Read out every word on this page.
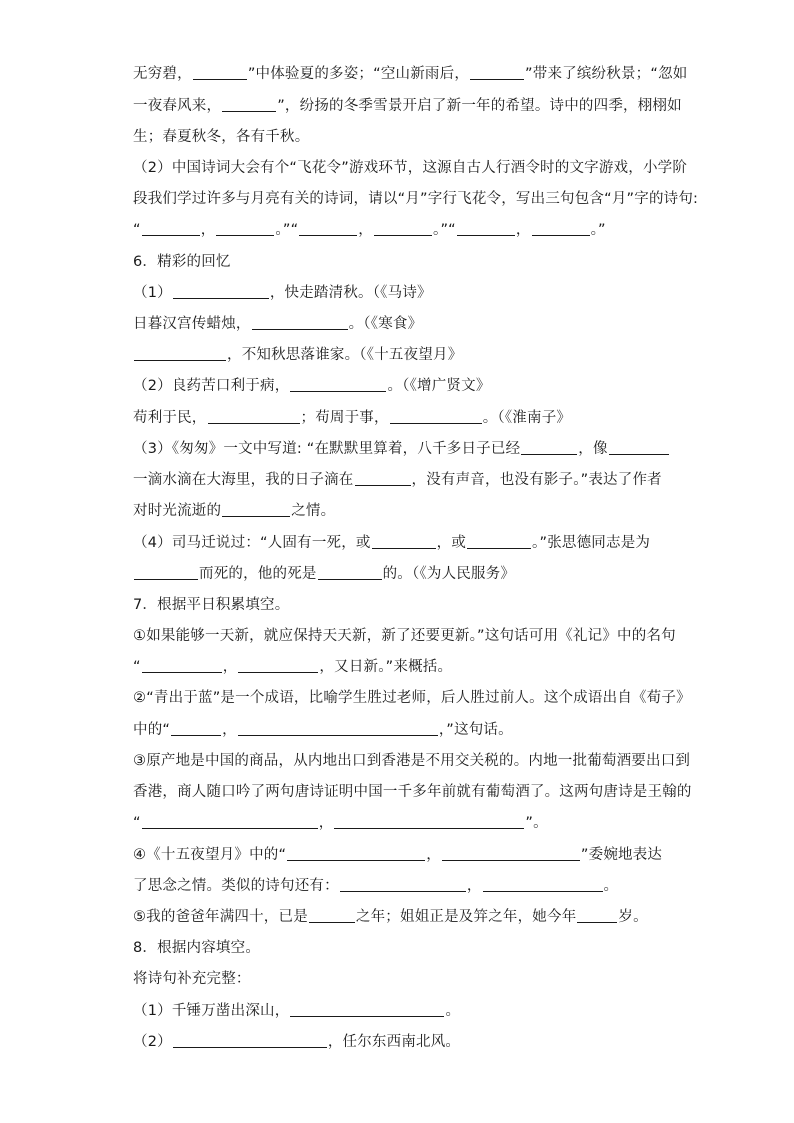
无穷碧，	”中体验夏的多姿；“空山新雨后，	”带来了缤纷秋景；“忽如
一夜春风来，	”，纷扬的冬季雪景开启了新一年的希望。诗中的四季，栩栩如
生；春夏秋冬，各有千秋。
（2）中国诗词大会有个“飞花令”游戏环节，这源自古人行酒令时的文字游戏，小学阶
段我们学过许多与月亮有关的诗词，请以“月”字行飞花令，写出三句包含“月”字的诗句:
“	，	。”“	，	。”“	，	。”
6．精彩的回忆
（1）	，快走踏清秋。（《马诗》
日暮汉宫传蜡烛，	。（《寒食》
，不知秋思落谁家。（《十五夜望月》
（2）良药苦口利于病，	。（《增广贤文》
苟利于民，	；苟周于事，	。（《淮南子》
（3）《匆匆》一文中写道: “在默默里算着，八千多日子已经	，像
一滴水滴在大海里，我的日子滴在	，没有声音，也没有影子。”表达了作者
对时光流逝的	之情。
（4）司马迁说过：“人固有一死，或	，或	。”张思德同志是为
而死的，他的死是	的。（《为人民服务》
7．根据平日积累填空。
①如果能够一天新，就应保持天天新，新了还要更新。”这句话可用《礼记》中的名句
“	，	，又日新。”来概括。
②“青出于蓝”是一个成语，比喻学生胜过老师，后人胜过前人。这个成语出自《荀子》
中的“	，	，”这句话。
③原产地是中国的商品，从内地出口到香港是不用交关税的。内地一批葡萄酒要出口到
香港，商人随口吟了两句唐诗证明中国一千多年前就有葡萄酒了。这两句唐诗是王翰的
“	，	”。
④《十五夜望月》中的“	，	”委婉地表达
了思念之情。类似的诗句还有：	，	。
⑤我的爸爸年满四十，已是	之年；姐姐正是及笄之年，她今年	岁。
8．根据内容填空。
将诗句补充完整：
（1）千锤万凿出深山，	。
（2）	，任尔东西南北风。
